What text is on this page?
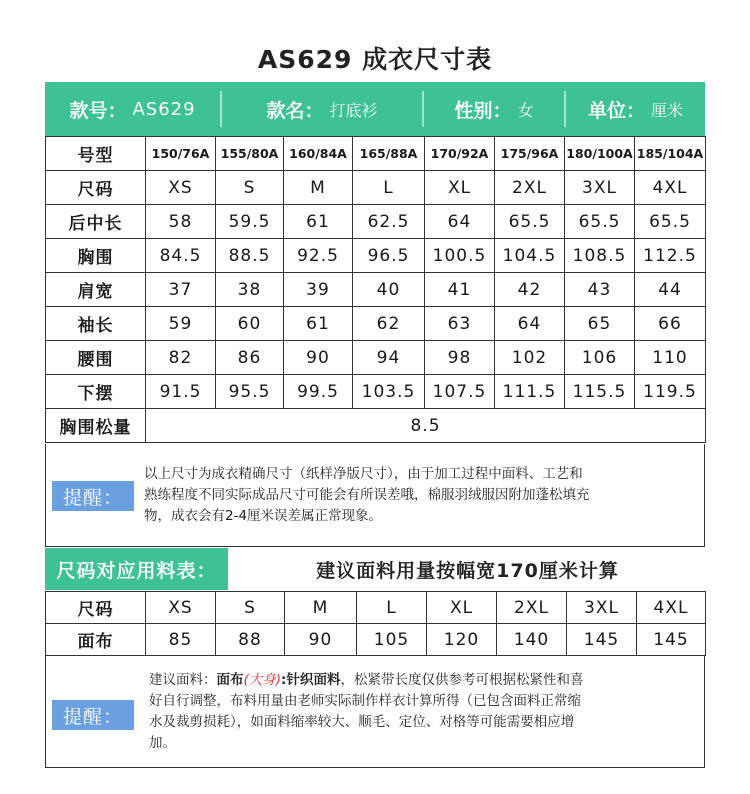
AS629 成衣尺寸表
款号： AS629	款名： 打底衫	性别： 女	单位： 厘米
号型	150/76A	155/80A	160/84A	165/88A	170/92A	175/96A	180/100A	185/104A
尺码	XS	S	M	L	XL	2XL	3XL	4XL
后中长	58	59.5	61	62.5	64	65.5	65.5	65.5
胸围	84.5	88.5	92.5	96.5	100.5	104.5	108.5	112.5
肩宽	37	38	39	40	41	42	43	44
袖长	59	60	61	62	63	64	65	66
腰围	82	86	90	94	98	102	106	110
下摆	91.5	95.5	99.5	103.5	107.5	111.5	115.5	119.5
胸围松量	8.5							
提醒：
以上尺寸为成衣精确尺寸（纸样净版尺寸），由于加工过程中面料、工艺和
熟练程度不同实际成品尺寸可能会有所误差哦，棉服羽绒服因附加蓬松填充
物，成衣会有2-4厘米误差属正常现象。
尺码对应用料表：	建议面料用量按幅宽170厘米计算
尺码	XS	S	M	L	XL	2XL	3XL	4XL
面布	85	88	90	105	120	140	145	145
提醒：
建议面料：面布(大身):针织面料，松紧带长度仅供参考可根据松紧性和喜
好自行调整，布料用量由老师实际制作样衣计算所得（已包含面料正常缩
水及裁剪损耗），如面料缩率较大、顺毛、定位、对格等可能需要相应增
加。
